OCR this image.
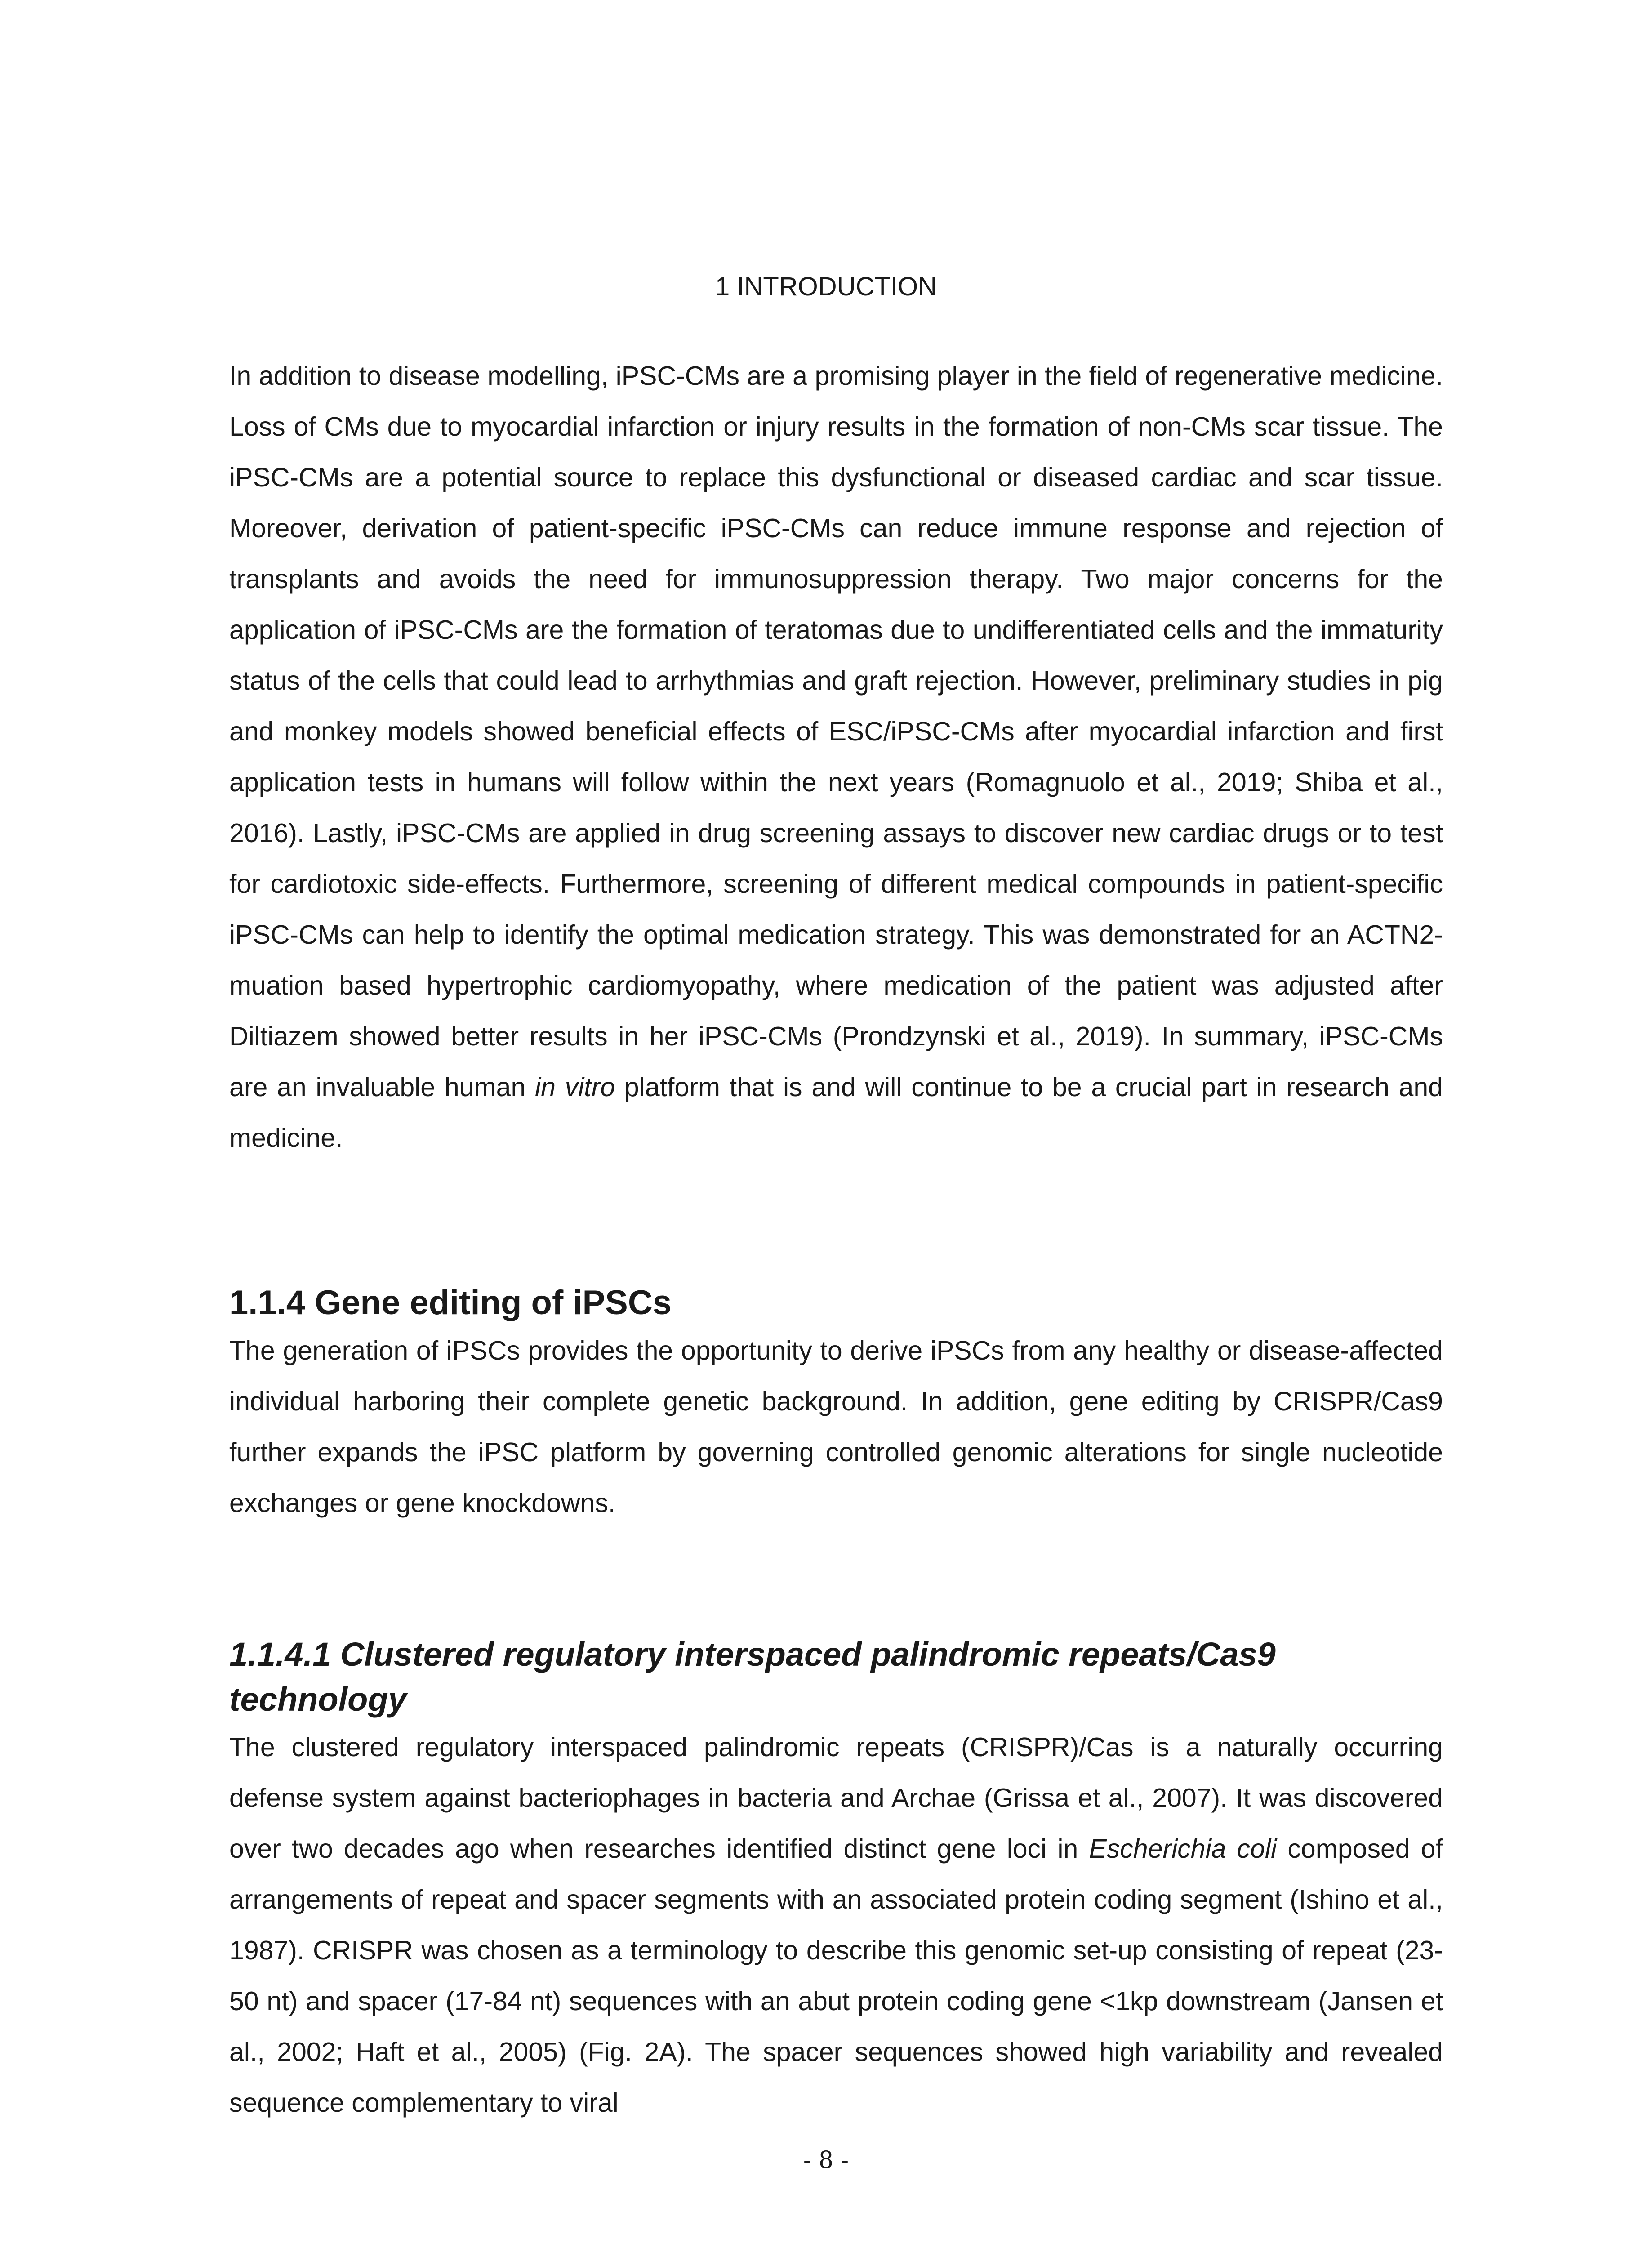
1 INTRODUCTION

In addition to disease modelling, iPSC-CMs are a promising player in the field of regenerative medicine. Loss of CMs due to myocardial infarction or injury results in the formation of non-CMs scar tissue. The iPSC-CMs are a potential source to replace this dysfunctional or diseased cardiac and scar tissue. Moreover, derivation of patient-specific iPSC-CMs can reduce immune response and rejection of transplants and avoids the need for immunosuppression therapy. Two major concerns for the application of iPSC-CMs are the formation of teratomas due to undifferentiated cells and the immaturity status of the cells that could lead to arrhythmias and graft rejection. However, preliminary studies in pig and monkey models showed beneficial effects of ESC/iPSC-CMs after myocardial infarction and first application tests in humans will follow within the next years (Romagnuolo et al., 2019; Shiba et al., 2016). Lastly, iPSC-CMs are applied in drug screening assays to discover new cardiac drugs or to test for cardiotoxic side-effects. Furthermore, screening of different medical compounds in patient-specific iPSC-CMs can help to identify the optimal medication strategy. This was demonstrated for an ACTN2-muation based hypertrophic cardiomyopathy, where medication of the patient was adjusted after Diltiazem showed better results in her iPSC-CMs (Prondzynski et al., 2019). In summary, iPSC-CMs are an invaluable human in vitro platform that is and will continue to be a crucial part in research and medicine.

1.1.4 Gene editing of iPSCs

The generation of iPSCs provides the opportunity to derive iPSCs from any healthy or disease-affected individual harboring their complete genetic background. In addition, gene editing by CRISPR/Cas9 further expands the iPSC platform by governing controlled genomic alterations for single nucleotide exchanges or gene knockdowns.

1.1.4.1 Clustered regulatory interspaced palindromic repeats/Cas9 technology

The clustered regulatory interspaced palindromic repeats (CRISPR)/Cas is a naturally occurring defense system against bacteriophages in bacteria and Archae (Grissa et al., 2007). It was discovered over two decades ago when researches identified distinct gene loci in Escherichia coli composed of arrangements of repeat and spacer segments with an associated protein coding segment (Ishino et al., 1987). CRISPR was chosen as a terminology to describe this genomic set-up consisting of repeat (23-50 nt) and spacer (17-84 nt) sequences with an abut protein coding gene <1kp downstream (Jansen et al., 2002; Haft et al., 2005) (Fig. 2A). The spacer sequences showed high variability and revealed sequence complementary to viral

- 8 -
